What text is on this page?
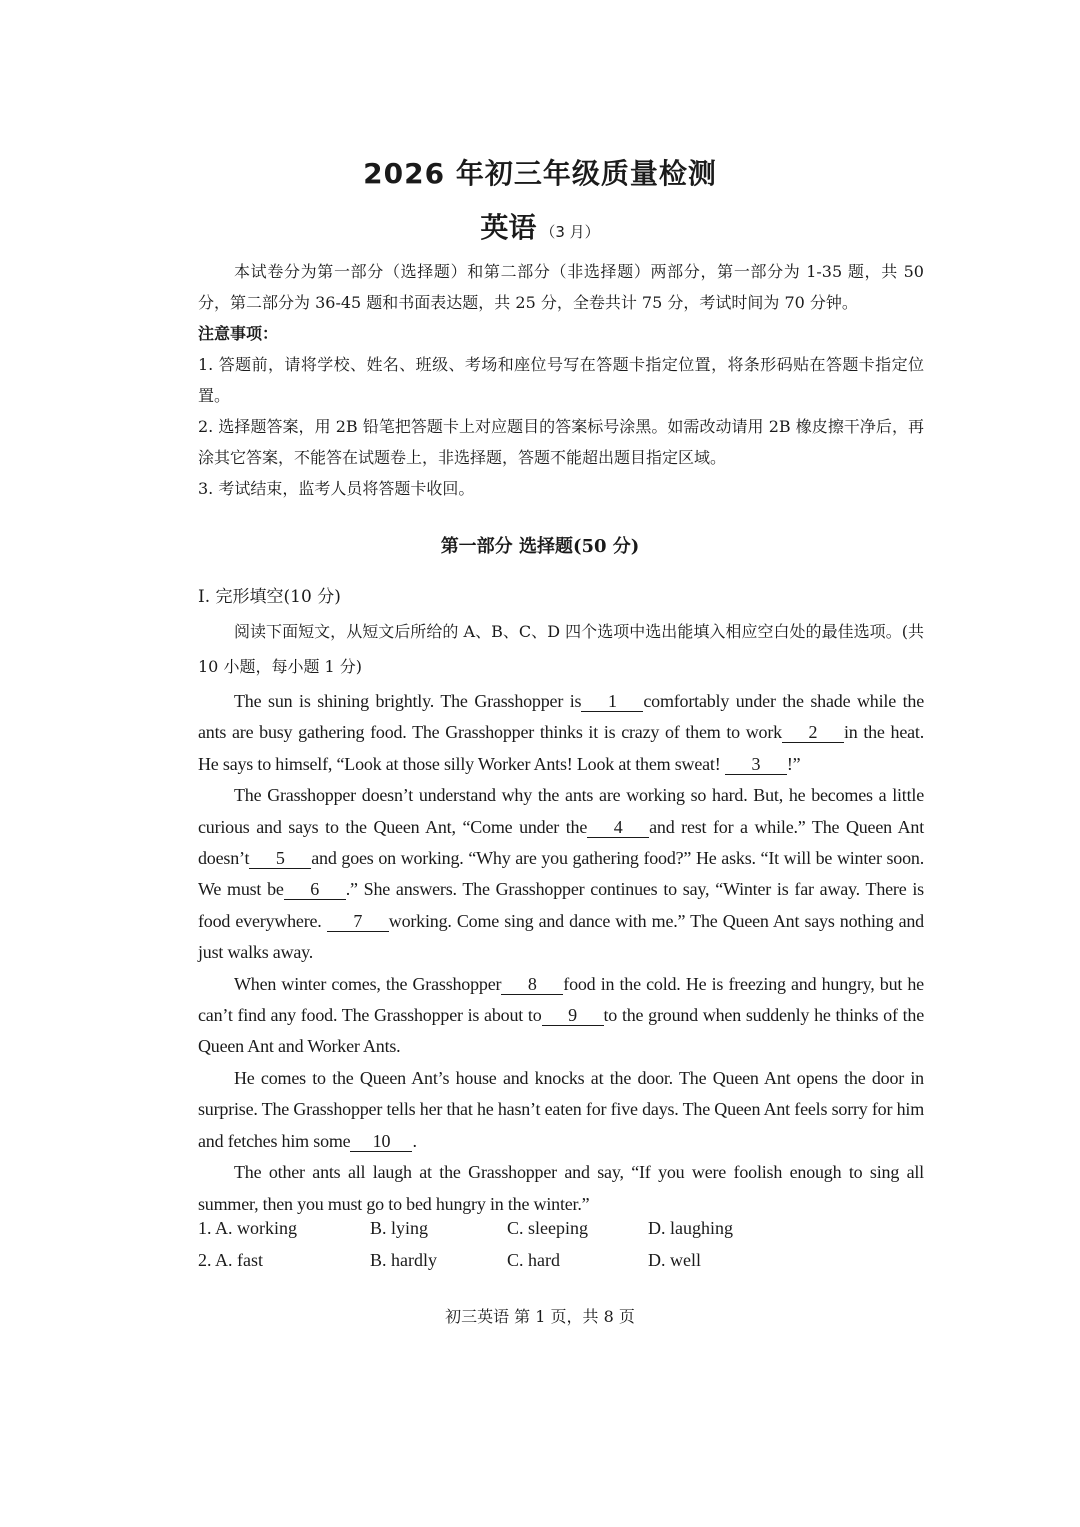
2026 年初三年级质量检测
英语 （3 月）

本试卷分为第一部分（选择题）和第二部分（非选择题）两部分，第一部分为 1-35 题，共 50 分，第二部分为 36-45 题和书面表达题，共 25 分，全卷共计 75 分，考试时间为 70 分钟。

注意事项：

1. 答题前，请将学校、姓名、班级、考场和座位号写在答题卡指定位置，将条形码贴在答题卡指定位置。

2. 选择题答案，用 2B 铅笔把答题卡上对应题目的答案标号涂黑。如需改动请用 2B 橡皮擦干净后，再涂其它答案，不能答在试题卷上，非选择题，答题不能超出题目指定区域。

3. 考试结束，监考人员将答题卡收回。

第一部分 选择题(50 分)
I. 完形填空(10 分)

阅读下面短文，从短文后所给的 A、B、C、D 四个选项中选出能填入相应空白处的最佳选项。(共 10 小题，每小题 1 分)

The sun is shining brightly. The Grasshopper is 1 comfortably under the shade while the ants are busy gathering food. The Grasshopper thinks it is crazy of them to work 2 in the heat. He says to himself, “Look at those silly Worker Ants! Look at them sweat! 3 !”

The Grasshopper doesn’t understand why the ants are working so hard. But, he becomes a little curious and says to the Queen Ant, “Come under the 4 and rest for a while.” The Queen Ant doesn’t 5 and goes on working. “Why are you gathering food?” He asks. “It will be winter soon. We must be 6 .” She answers. The Grasshopper continues to say, “Winter is far away. There is food everywhere. 7 working. Come sing and dance with me.” The Queen Ant says nothing and just walks away.

When winter comes, the Grasshopper 8 food in the cold. He is freezing and hungry, but he can’t find any food. The Grasshopper is about to 9 to the ground when suddenly he thinks of the Queen Ant and Worker Ants.

He comes to the Queen Ant’s house and knocks at the door. The Queen Ant opens the door in surprise. The Grasshopper tells her that he hasn’t eaten for five days. The Queen Ant feels sorry for him and fetches him some 10 .

The other ants all laugh at the Grasshopper and say, “If you were foolish enough to sing all summer, then you must go to bed hungry in the winter.”

1. A. working	B. lying	C. sleeping	D. laughing
2. A. fast	B. hardly	C. hard	D. well
初三英语 第 1 页，共 8 页
